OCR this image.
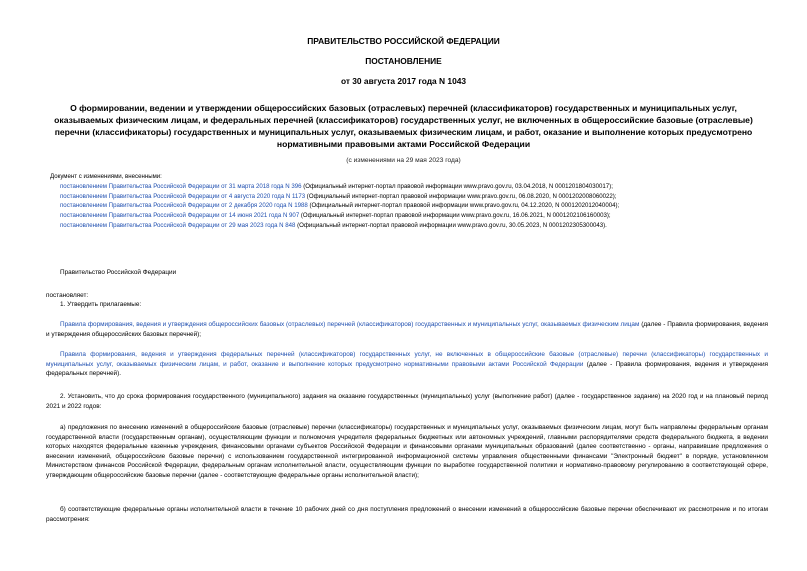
ПРАВИТЕЛЬСТВО РОССИЙСКОЙ ФЕДЕРАЦИИ
ПОСТАНОВЛЕНИЕ
от 30 августа 2017 года N 1043
О формировании, ведении и утверждении общероссийских базовых (отраслевых) перечней (классификаторов) государственных и муниципальных услуг,
оказываемых физическим лицам, и федеральных перечней (классификаторов) государственных услуг, не включенных в общероссийские базовые (отраслевые)
перечни (классификаторы) государственных и муниципальных услуг, оказываемых физическим лицам, и работ, оказание и выполнение которых предусмотрено
нормативными правовыми актами Российской Федерации
(с изменениями на 29 мая 2023 года)
Документ с изменениями, внесенными:
постановлением Правительства Российской Федерации от 31 марта 2018 года N 396 (Официальный интернет-портал правовой информации www.pravo.gov.ru, 03.04.2018, N 0001201804030017);
постановлением Правительства Российской Федерации от 4 августа 2020 года N 1173 (Официальный интернет-портал правовой информации www.pravo.gov.ru, 06.08.2020, N 0001202008060022);
постановлением Правительства Российской Федерации от 2 декабря 2020 года N 1988 (Официальный интернет-портал правовой информации www.pravo.gov.ru, 04.12.2020, N 0001202012040004);
постановлением Правительства Российской Федерации от 14 июня 2021 года N 907 (Официальный интернет-портал правовой информации www.pravo.gov.ru, 16.06.2021, N 0001202106160003);
постановлением Правительства Российской Федерации от 29 мая 2023 года N 848 (Официальный интернет-портал правовой информации www.pravo.gov.ru, 30.05.2023, N 0001202305300043).
Правительство Российской Федерации
постановляет:
1. Утвердить прилагаемые:
Правила формирования, ведения и утверждения общероссийских базовых (отраслевых) перечней (классификаторов) государственных и муниципальных услуг, оказываемых физическим лицам (далее - Правила формирования, ведения и утверждения общероссийских базовых перечней);
Правила формирования, ведения и утверждения федеральных перечней (классификаторов) государственных услуг, не включенных в общероссийские базовые (отраслевые) перечни (классификаторы) государственных и муниципальных услуг, оказываемых физическим лицам, и работ, оказание и выполнение которых предусмотрено нормативными правовыми актами Российской Федерации (далее - Правила формирования, ведения и утверждения федеральных перечней).
2. Установить, что до срока формирования государственного (муниципального) задания на оказание государственных (муниципальных) услуг (выполнение работ) (далее - государственное задание) на 2020 год и на плановый период 2021 и 2022 годов:
а) предложения по внесению изменений в общероссийские базовые (отраслевые) перечни (классификаторы) государственных и муниципальных услуг, оказываемых физическим лицам, могут быть направлены федеральным органам государственной власти (государственным органам), осуществляющим функции и полномочия учредителя федеральных бюджетных или автономных учреждений, главными распорядителями средств федерального бюджета, в ведении которых находятся федеральные казенные учреждения, финансовыми органами субъектов Российской Федерации и финансовыми органами муниципальных образований (далее соответственно - органы, направившие предложения о внесении изменений, общероссийские базовые перечни) с использованием государственной интегрированной информационной системы управления общественными финансами "Электронный бюджет" в порядке, установленном Министерством финансов Российской Федерации, федеральным органам исполнительной власти, осуществляющим функции по выработке государственной политики и нормативно-правовому регулированию в соответствующей сфере, утверждающим общероссийские базовые перечни (далее - соответствующие федеральные органы исполнительной власти);
б) соответствующие федеральные органы исполнительной власти в течение 10 рабочих дней со дня поступления предложений о внесении изменений в общероссийские базовые перечни обеспечивают их рассмотрение и по итогам рассмотрения:
